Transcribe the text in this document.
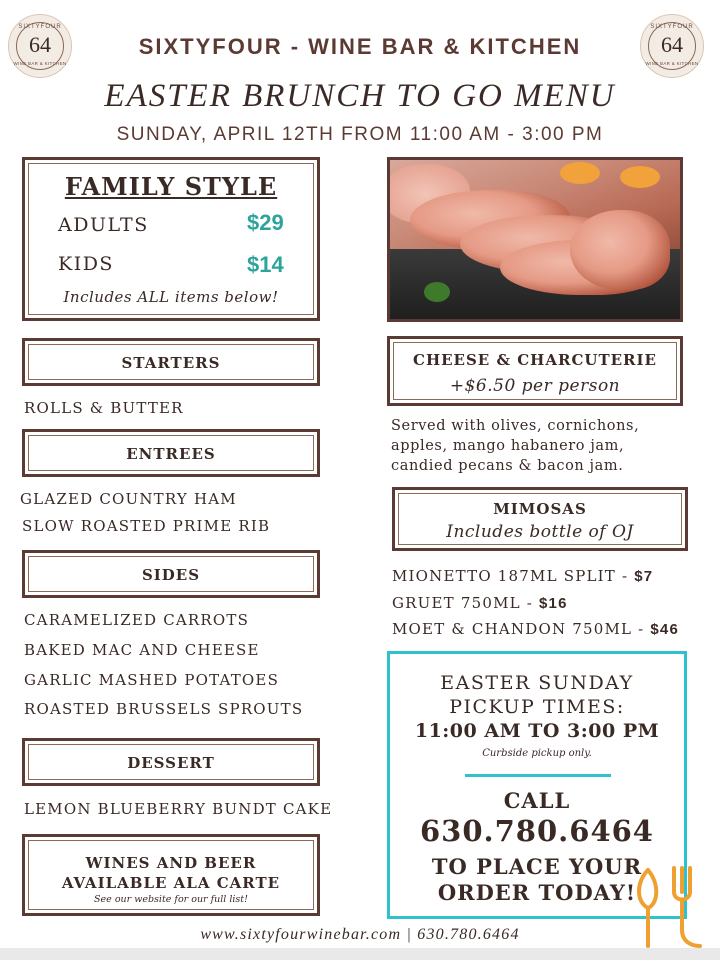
SIXTYFOUR
64
WINE BAR & KITCHEN
SIXTYFOUR
64
WINE BAR & KITCHEN
SIXTYFOUR - WINE BAR & KITCHEN
EASTER BRUNCH TO GO MENU
SUNDAY, APRIL 12TH FROM 11:00 AM - 3:00 PM
FAMILY STYLE
ADULTS	$29
KIDS	$14
Includes ALL items below!
STARTERS
ROLLS & BUTTER
ENTREES
GLAZED COUNTRY HAM
SLOW ROASTED PRIME RIB
SIDES
CARAMELIZED CARROTS
BAKED MAC AND CHEESE
GARLIC MASHED POTATOES
ROASTED BRUSSELS SPROUTS
DESSERT
LEMON BLUEBERRY BUNDT CAKE
WINES AND BEER
AVAILABLE ALA CARTE
See our website for our full list!
CHEESE & CHARCUTERIE
+$6.50 per person
Served with olives, cornichons,
apples, mango habanero jam,
candied pecans & bacon jam.
MIMOSAS
Includes bottle of OJ
MIONETTO 187ML SPLIT - $7
GRUET 750ML - $16
MOET & CHANDON 750ML - $46
EASTER SUNDAY
PICKUP TIMES:
11:00 AM TO 3:00 PM
Curbside pickup only.
CALL
630.780.6464
TO PLACE YOUR
ORDER TODAY!
www.sixtyfourwinebar.com | 630.780.6464
